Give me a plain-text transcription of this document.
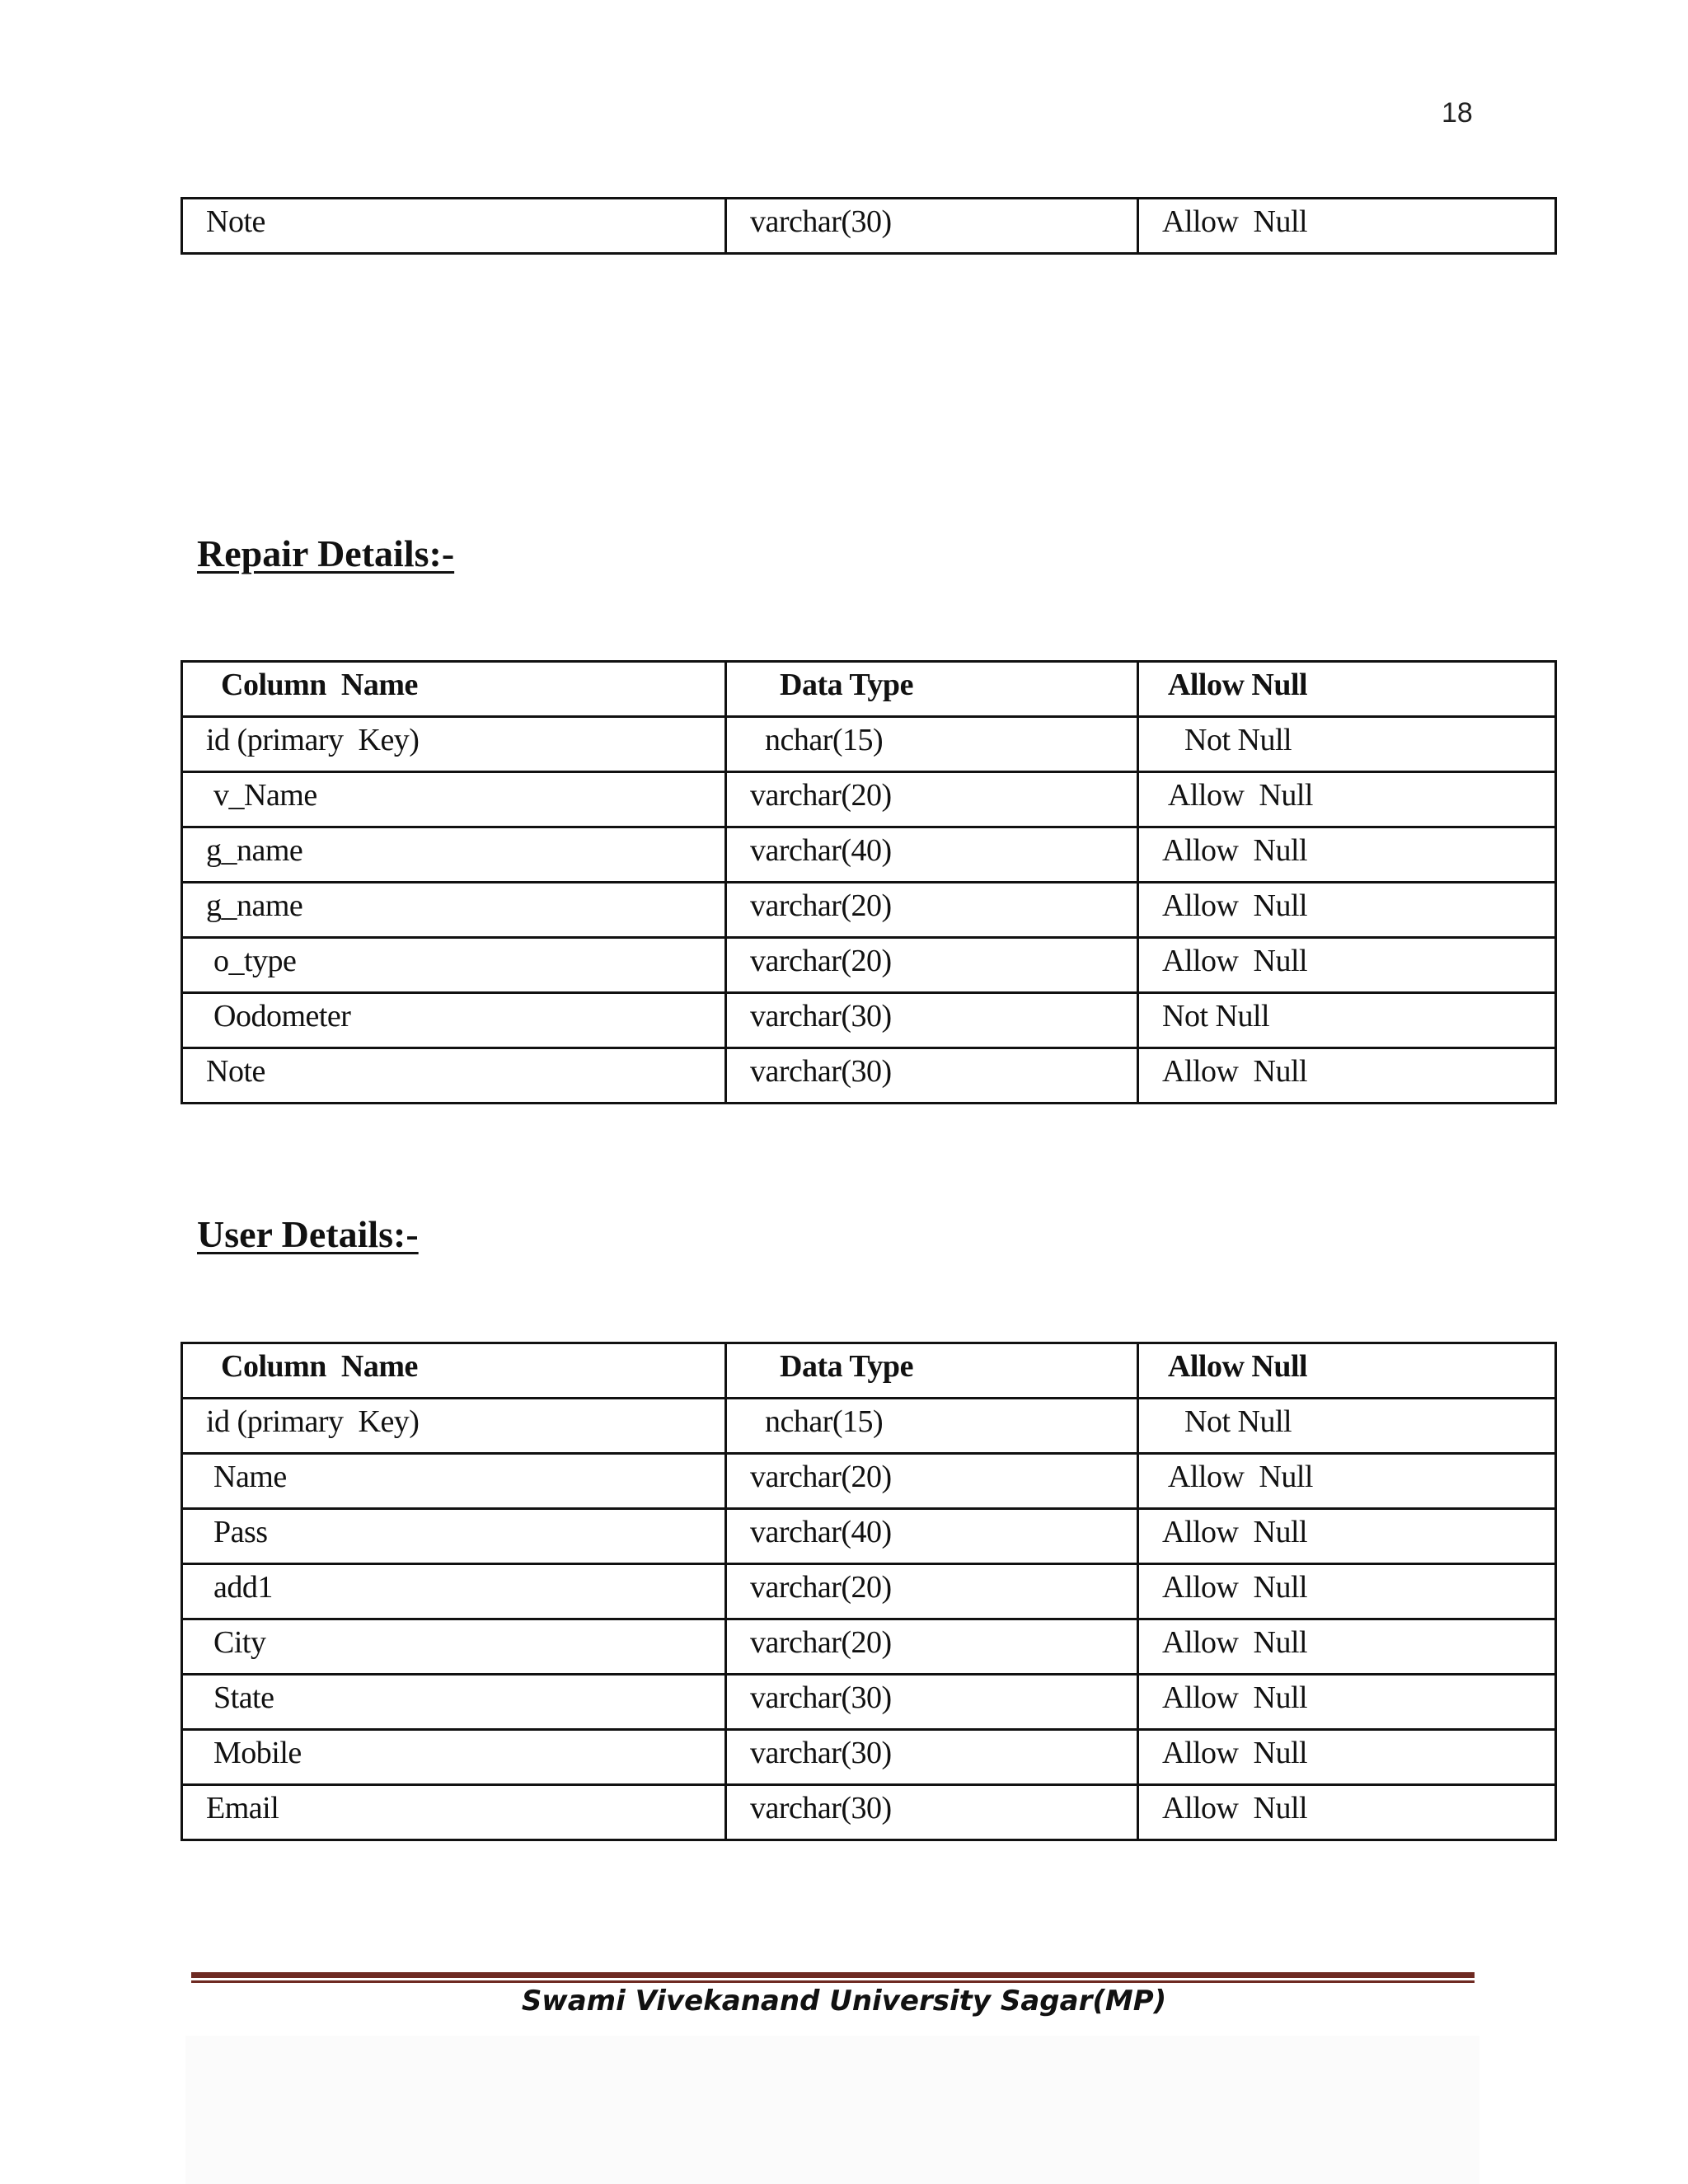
18
Note	varchar(30)	Allow  Null
Repair Details:-
Column  Name	Data Type	Allow Null
id (primary  Key)	nchar(15)	Not Null
v_Name	varchar(20)	Allow  Null
g_name	varchar(40)	Allow  Null
g_name	varchar(20)	Allow  Null
o_type	varchar(20)	Allow  Null
Oodometer	varchar(30)	Not Null
Note	varchar(30)	Allow  Null
User Details:-
Column  Name	Data Type	Allow Null
id (primary  Key)	nchar(15)	Not Null
Name	varchar(20)	Allow  Null
Pass	varchar(40)	Allow  Null
add1	varchar(20)	Allow  Null
City	varchar(20)	Allow  Null
State	varchar(30)	Allow  Null
Mobile	varchar(30)	Allow  Null
Email	varchar(30)	Allow  Null
Swami Vivekanand University Sagar(MP)
